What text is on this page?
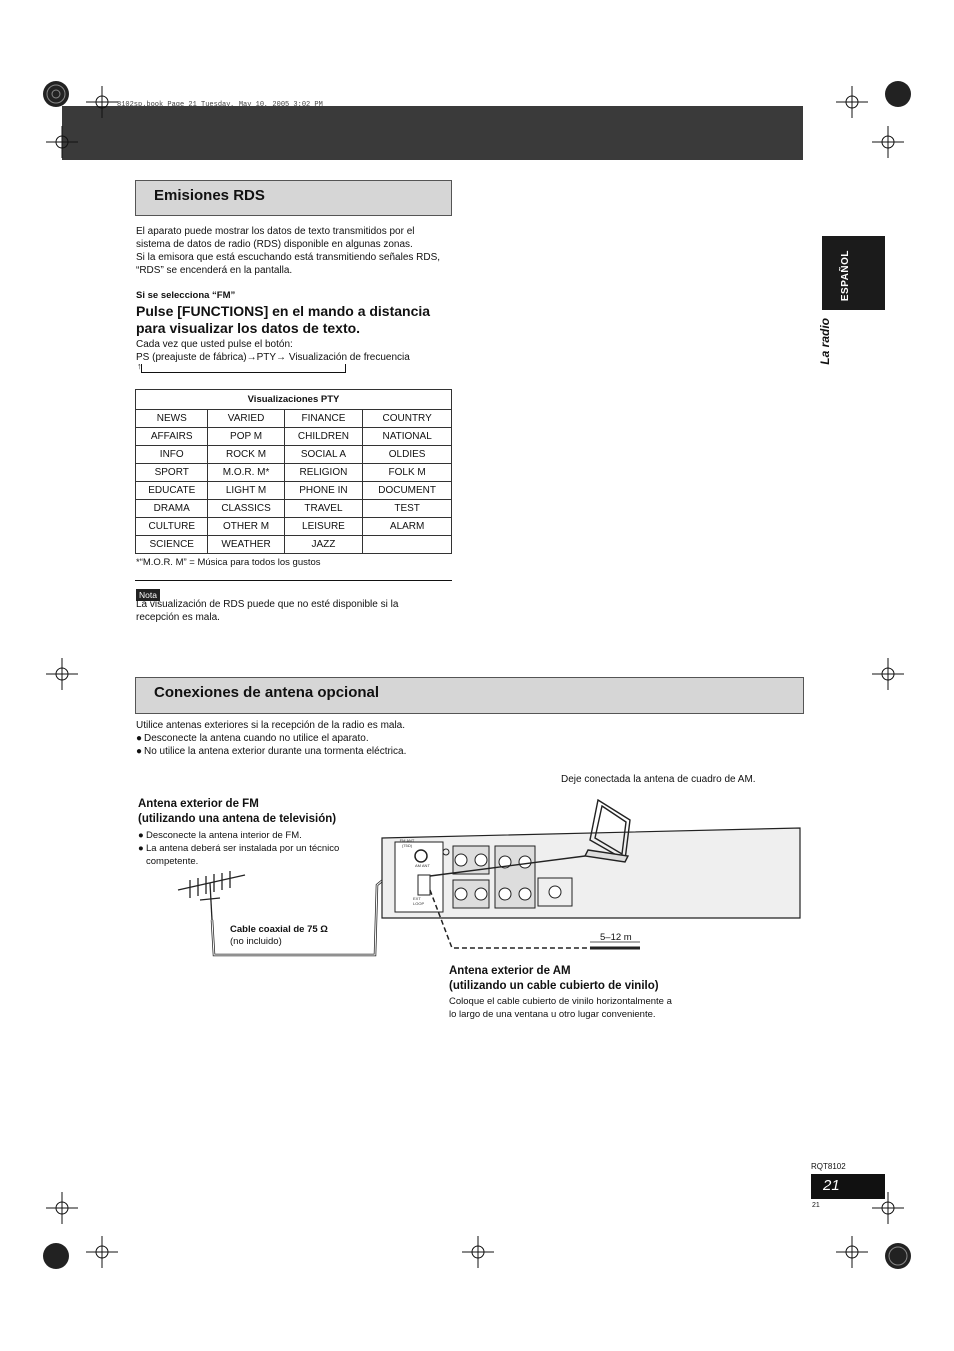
8102sp.book Page 21 Tuesday, May 10, 2005 3:02 PM
ESPAÑOL
La radio
Emisiones RDS
El aparato puede mostrar los datos de texto transmitidos por el
sistema de datos de radio (RDS) disponible en algunas zonas.
Si la emisora que está escuchando está transmitiendo señales RDS,
“RDS” se encenderá en la pantalla.
Si se selecciona “FM”
Pulse [FUNCTIONS] en el mando a distancia
para visualizar los datos de texto.
Cada vez que usted pulse el botón:
PS (preajuste de fábrica)→PTY→ Visualización de frecuencia
↑
Visualizaciones PTY			
NEWS	VARIED	FINANCE	COUNTRY
AFFAIRS	POP M	CHILDREN	NATIONAL
INFO	ROCK M	SOCIAL A	OLDIES
SPORT	M.O.R. M*	RELIGION	FOLK M
EDUCATE	LIGHT M	PHONE IN	DOCUMENT
DRAMA	CLASSICS	TRAVEL	TEST
CULTURE	OTHER M	LEISURE	ALARM
SCIENCE	WEATHER	JAZZ	
*“M.O.R. M” = Música para todos los gustos
Nota
La visualización de RDS puede que no esté disponible si la
recepción es mala.
Conexiones de antena opcional
Utilice antenas exteriores si la recepción de la radio es mala.
● Desconecte la antena cuando no utilice el aparato.
● No utilice la antena exterior durante una tormenta eléctrica.
Deje conectada la antena de cuadro de AM.
Antena exterior de FM
(utilizando una antena de televisión)
● Desconecte la antena interior de FM.
● La antena deberá ser instalada por un técnico
competente.
FM ANT (75Ω)
AM ANT
EXT LOOP
Cable coaxial de 75 Ω
(no incluido)	5–12 m
Antena exterior de AM
(utilizando un cable cubierto de vinilo)
Coloque el cable cubierto de vinilo horizontalmente a
lo largo de una ventana u otro lugar conveniente.
RQT8102
21
21
